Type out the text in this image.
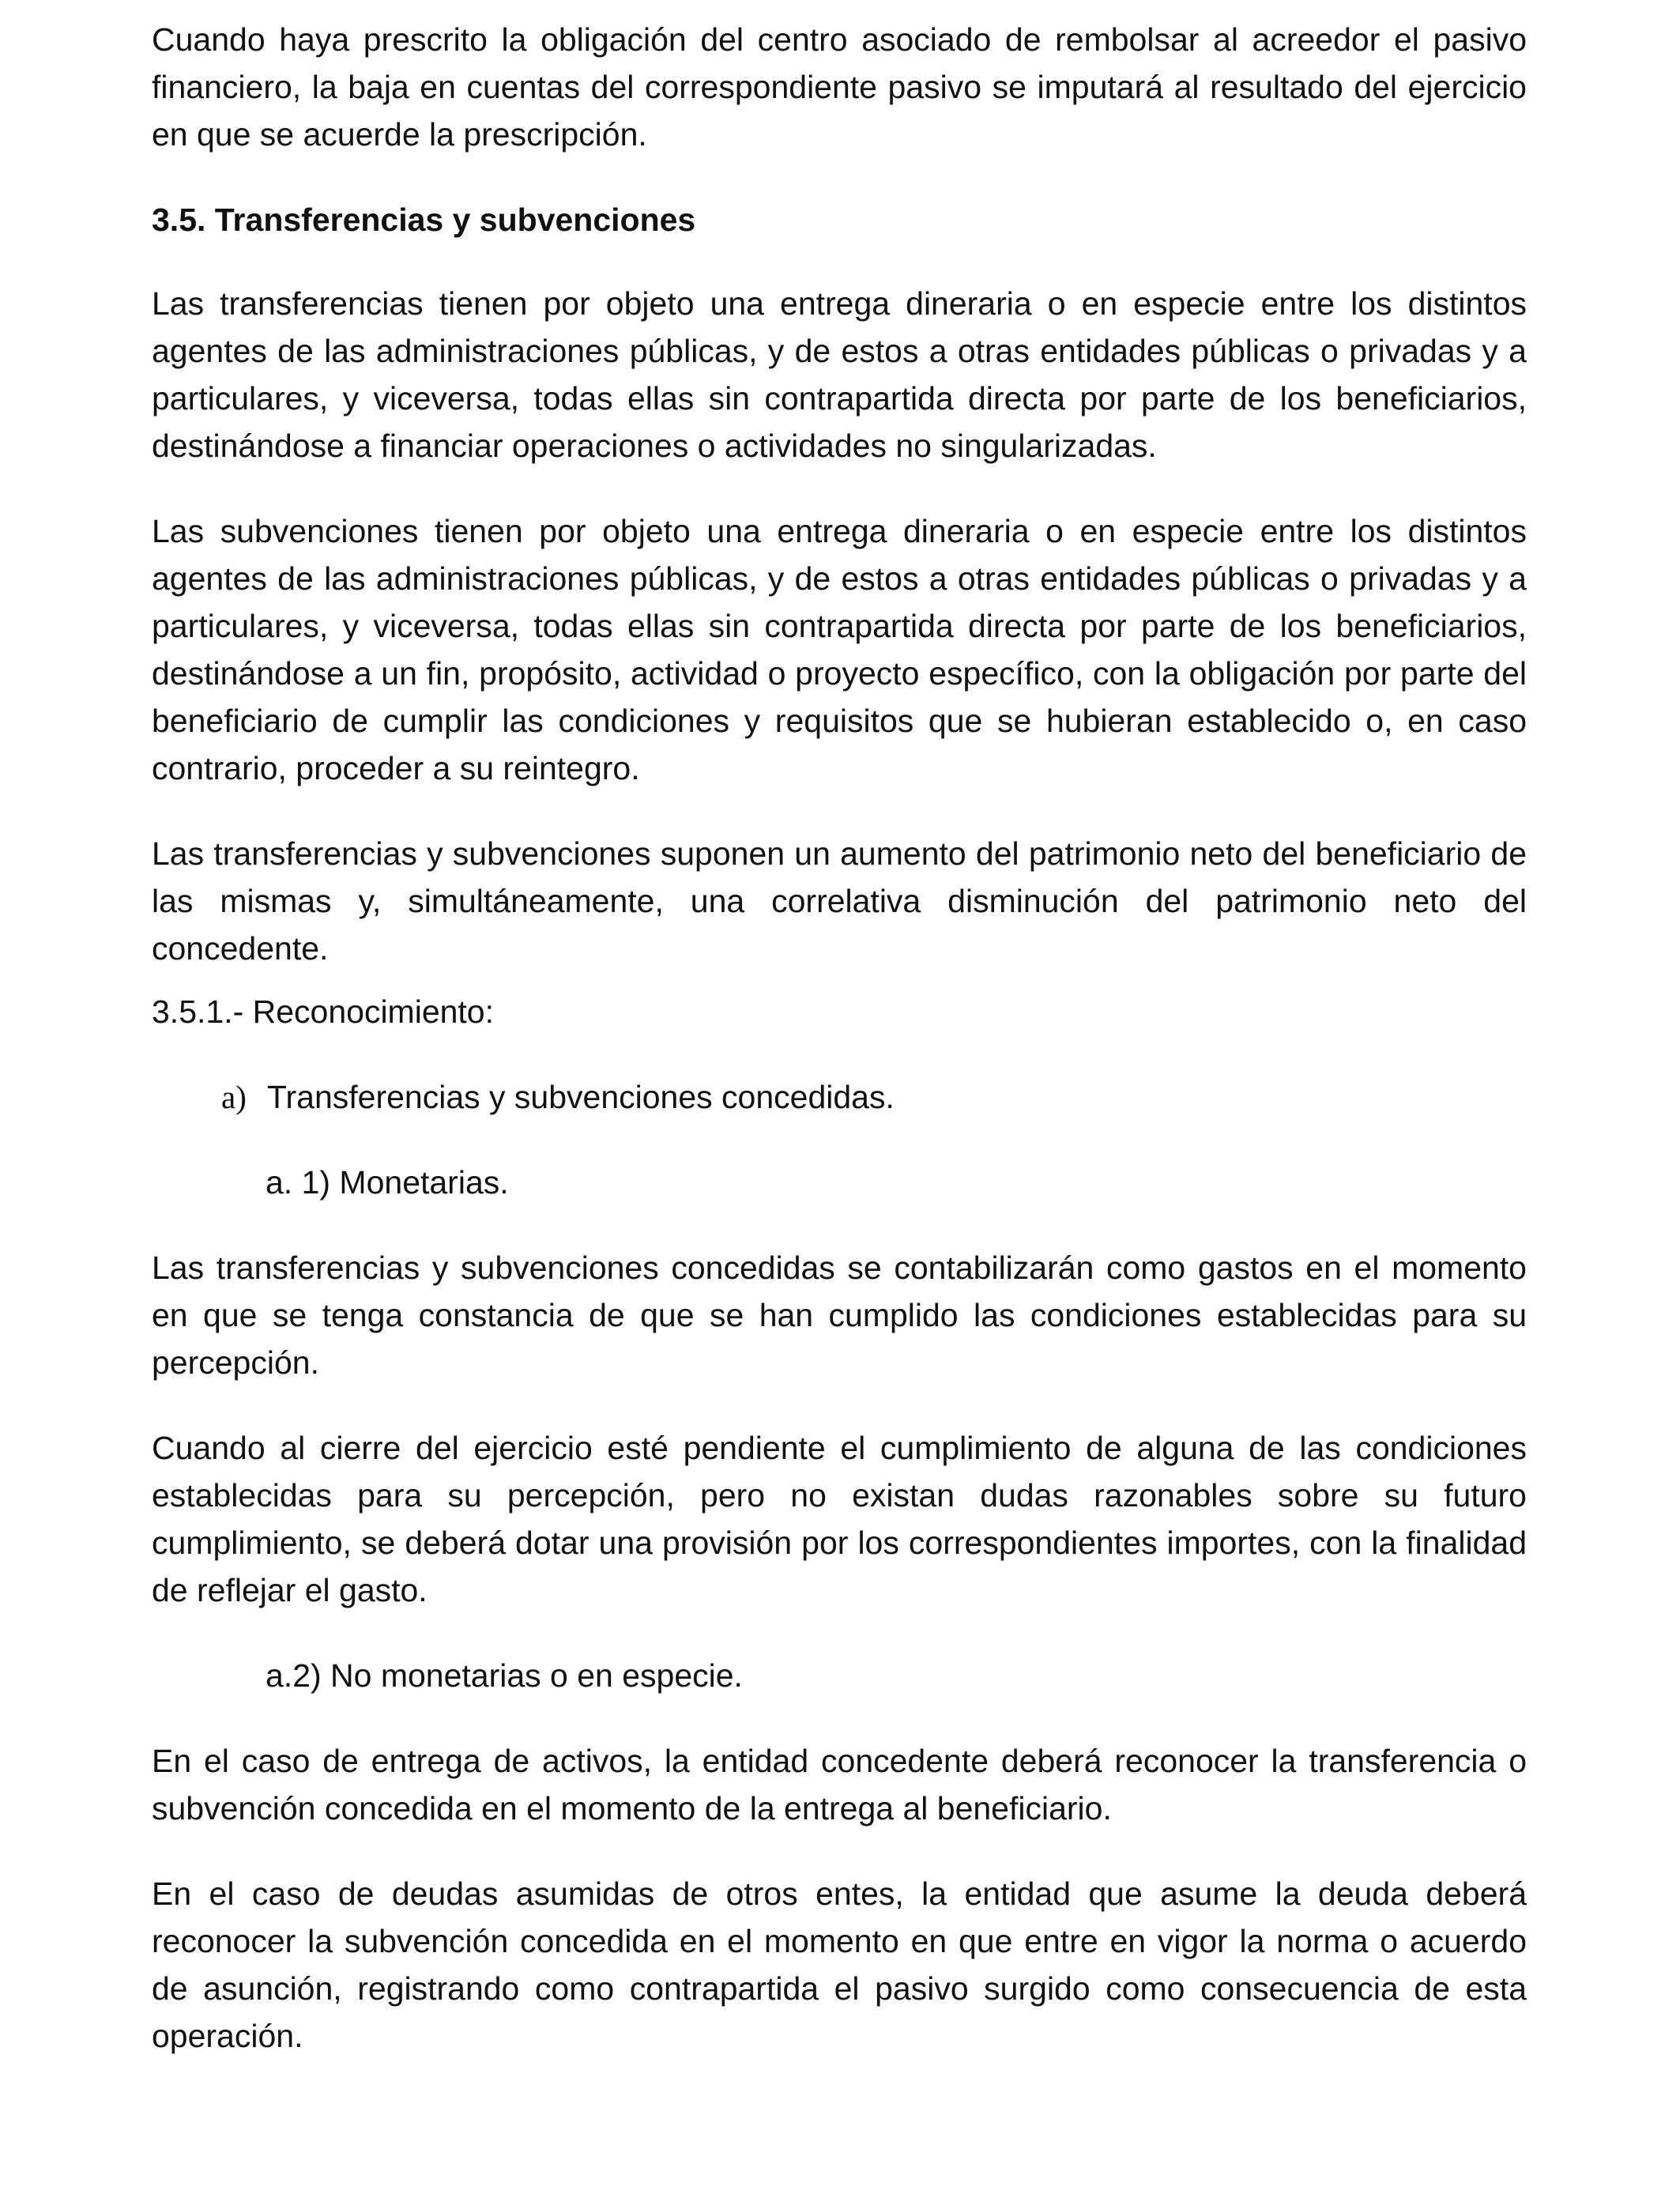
Cuando haya prescrito la obligación del centro asociado de rembolsar al acreedor el pasivo financiero, la baja en cuentas del correspondiente pasivo se imputará al resultado del ejercicio en que se acuerde la prescripción.

3.5. Transferencias y subvenciones

Las transferencias tienen por objeto una entrega dineraria o en especie entre los distintos agentes de las administraciones públicas, y de estos a otras entidades públicas o privadas y a particulares, y viceversa, todas ellas sin contrapartida directa por parte de los beneficiarios, destinándose a financiar operaciones o actividades no singularizadas.

Las subvenciones tienen por objeto una entrega dineraria o en especie entre los distintos agentes de las administraciones públicas, y de estos a otras entidades públicas o privadas y a particulares, y viceversa, todas ellas sin contrapartida directa por parte de los beneficiarios, destinándose a un fin, propósito, actividad o proyecto específico, con la obligación por parte del beneficiario de cumplir las condiciones y requisitos que se hubieran establecido o, en caso contrario, proceder a su reintegro.

Las transferencias y subvenciones suponen un aumento del patrimonio neto del beneficiario de las mismas y, simultáneamente, una correlativa disminución del patrimonio neto del concedente.

3.5.1.- Reconocimiento:

a) Transferencias y subvenciones concedidas.

a. 1) Monetarias.

Las transferencias y subvenciones concedidas se contabilizarán como gastos en el momento en que se tenga constancia de que se han cumplido las condiciones establecidas para su percepción.

Cuando al cierre del ejercicio esté pendiente el cumplimiento de alguna de las condiciones establecidas para su percepción, pero no existan dudas razonables sobre su futuro cumplimiento, se deberá dotar una provisión por los correspondientes importes, con la finalidad de reflejar el gasto.

a.2) No monetarias o en especie.

En el caso de entrega de activos, la entidad concedente deberá reconocer la transferencia o subvención concedida en el momento de la entrega al beneficiario.

En el caso de deudas asumidas de otros entes, la entidad que asume la deuda deberá reconocer la subvención concedida en el momento en que entre en vigor la norma o acuerdo de asunción, registrando como contrapartida el pasivo surgido como consecuencia de esta operación.
